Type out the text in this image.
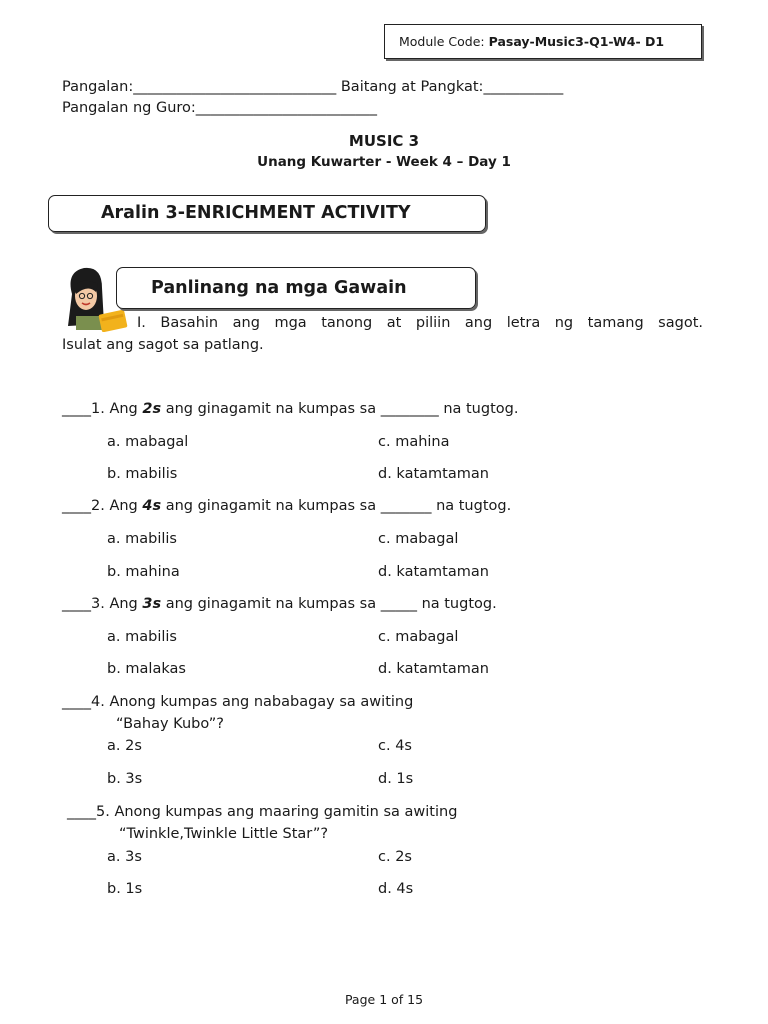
Module Code: Pasay-Music3-Q1-W4- D1
Pangalan:____________________________ Baitang at Pangkat:___________
Pangalan ng Guro:_________________________
MUSIC 3
Unang Kuwarter - Week 4 – Day 1
Aralin 3-ENRICHMENT ACTIVITY
Panlinang na mga Gawain
I. Basahin ang mga tanong at piliin ang letra ng tamang sagot.
Isulat ang sagot sa patlang.
____1. Ang 2s ang ginagamit na kumpas sa ________ na tugtog.
a. mabagal	c. mahina
b. mabilis	d. katamtaman
____2. Ang 4s ang ginagamit na kumpas sa _______ na tugtog.
a. mabilis	c. mabagal
b. mahina	d. katamtaman
____3. Ang 3s ang ginagamit na kumpas sa _____ na tugtog.
a. mabilis	c. mabagal
b. malakas	d. katamtaman
____4. Anong kumpas ang nababagay sa awiting
“Bahay Kubo”?
a. 2s	c. 4s
b. 3s	d. 1s
____5. Anong kumpas ang maaring gamitin sa awiting
“Twinkle,Twinkle Little Star”?
a. 3s	c. 2s
b. 1s	d. 4s
Page 1 of 15
